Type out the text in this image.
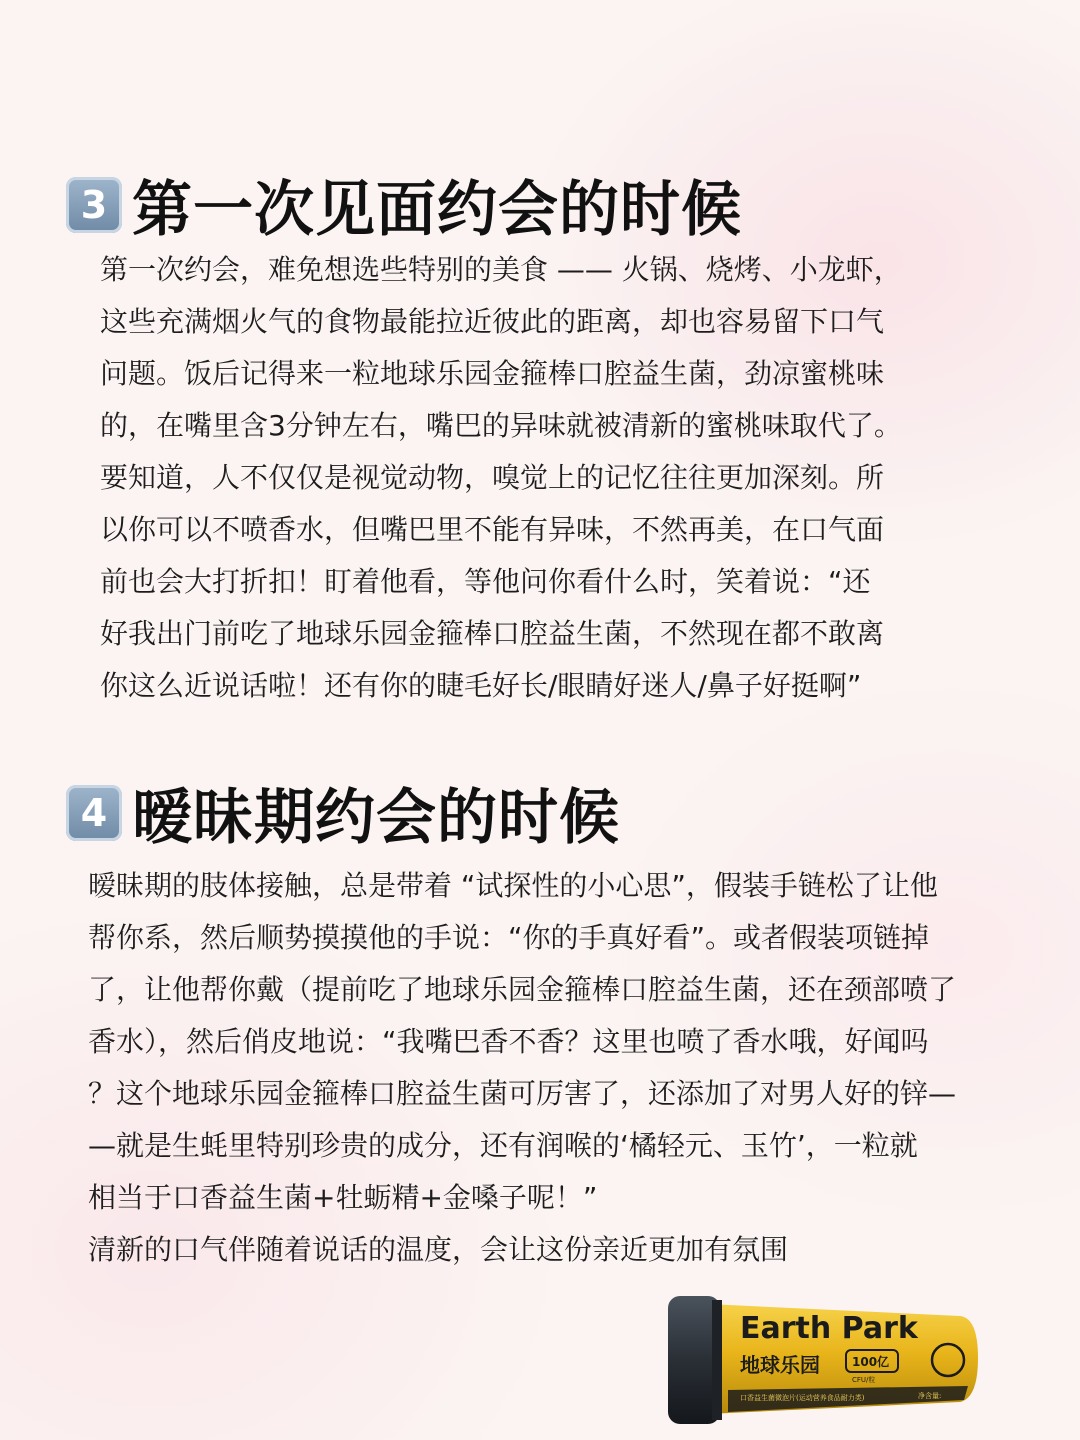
3 第一次见面约会的时候
第一次约会，难免想选些特别的美食 —— 火锅、烧烤、小龙虾，
这些充满烟火气的食物最能拉近彼此的距离，却也容易留下口气
问题。饭后记得来一粒地球乐园金箍棒口腔益生菌，劲凉蜜桃味
的，在嘴里含3分钟左右，嘴巴的异味就被清新的蜜桃味取代了。
要知道，人不仅仅是视觉动物，嗅觉上的记忆往往更加深刻。所
以你可以不喷香水，但嘴巴里不能有异味，不然再美，在口气面
前也会大打折扣！盯着他看，等他问你看什么时，笑着说：“还
好我出门前吃了地球乐园金箍棒口腔益生菌，不然现在都不敢离
你这么近说话啦！还有你的睫毛好长/眼睛好迷人/鼻子好挺啊”
4 暧昧期约会的时候
暧昧期的肢体接触，总是带着 “试探性的小心思”，假装手链松了让他
帮你系，然后顺势摸摸他的手说：“你的手真好看”。或者假装项链掉
了，让他帮你戴（提前吃了地球乐园金箍棒口腔益生菌，还在颈部喷了
香水），然后俏皮地说：“我嘴巴香不香？这里也喷了香水哦，好闻吗
？这个地球乐园金箍棒口腔益生菌可厉害了，还添加了对男人好的锌—
—就是生蚝里特别珍贵的成分，还有润喉的‘橘轻元、玉竹’，一粒就
相当于口香益生菌+牡蛎精+金嗓子呢！”
清新的口气伴随着说话的温度，会让这份亲近更加有氛围
Earth Park
地球乐园	100亿
CFU/粒
口香益生菌微泡片(运动营养食品耐力类)	净含量:
